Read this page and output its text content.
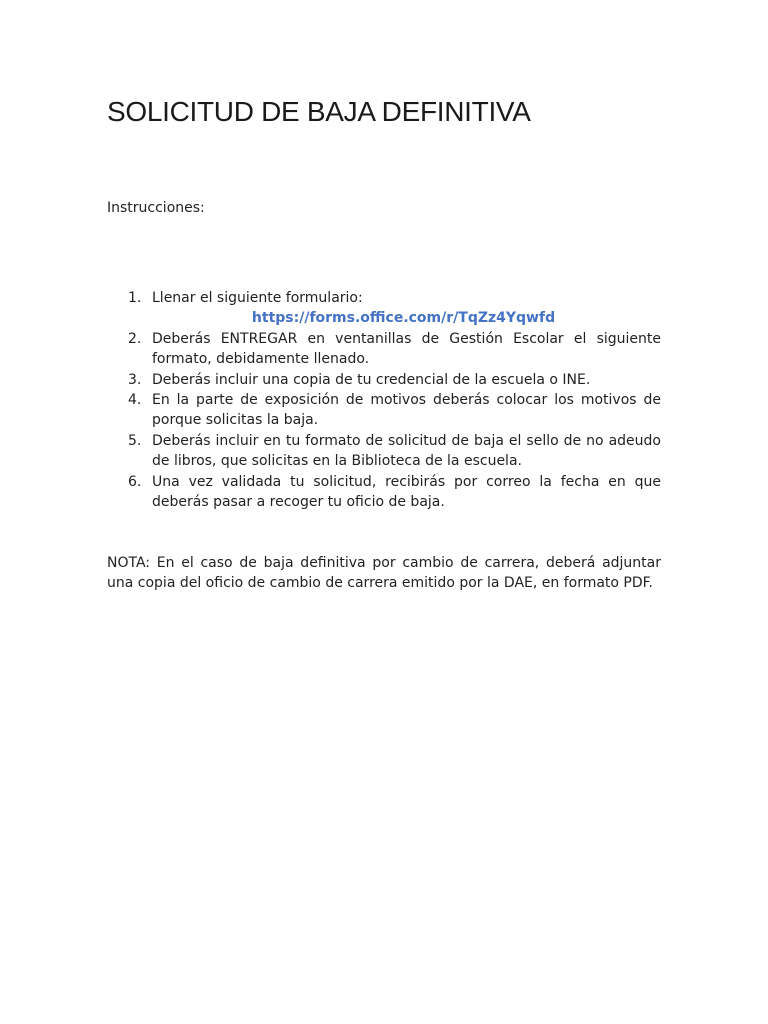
SOLICITUD DE BAJA DEFINITIVA

Instrucciones:

1. Llenar el siguiente formulario:
https://forms.office.com/r/TqZz4Yqwfd
2. Deberás ENTREGAR en ventanillas de Gestión Escolar el siguiente formato, debidamente llenado.
3. Deberás incluir una copia de tu credencial de la escuela o INE.
4. En la parte de exposición de motivos deberás colocar los motivos de porque solicitas la baja.
5. Deberás incluir en tu formato de solicitud de baja el sello de no adeudo de libros, que solicitas en la Biblioteca de la escuela.
6. Una vez validada tu solicitud, recibirás por correo la fecha en que deberás pasar a recoger tu oficio de baja.

NOTA: En el caso de baja definitiva por cambio de carrera, deberá adjuntar una copia del oficio de cambio de carrera emitido por la DAE, en formato PDF.
